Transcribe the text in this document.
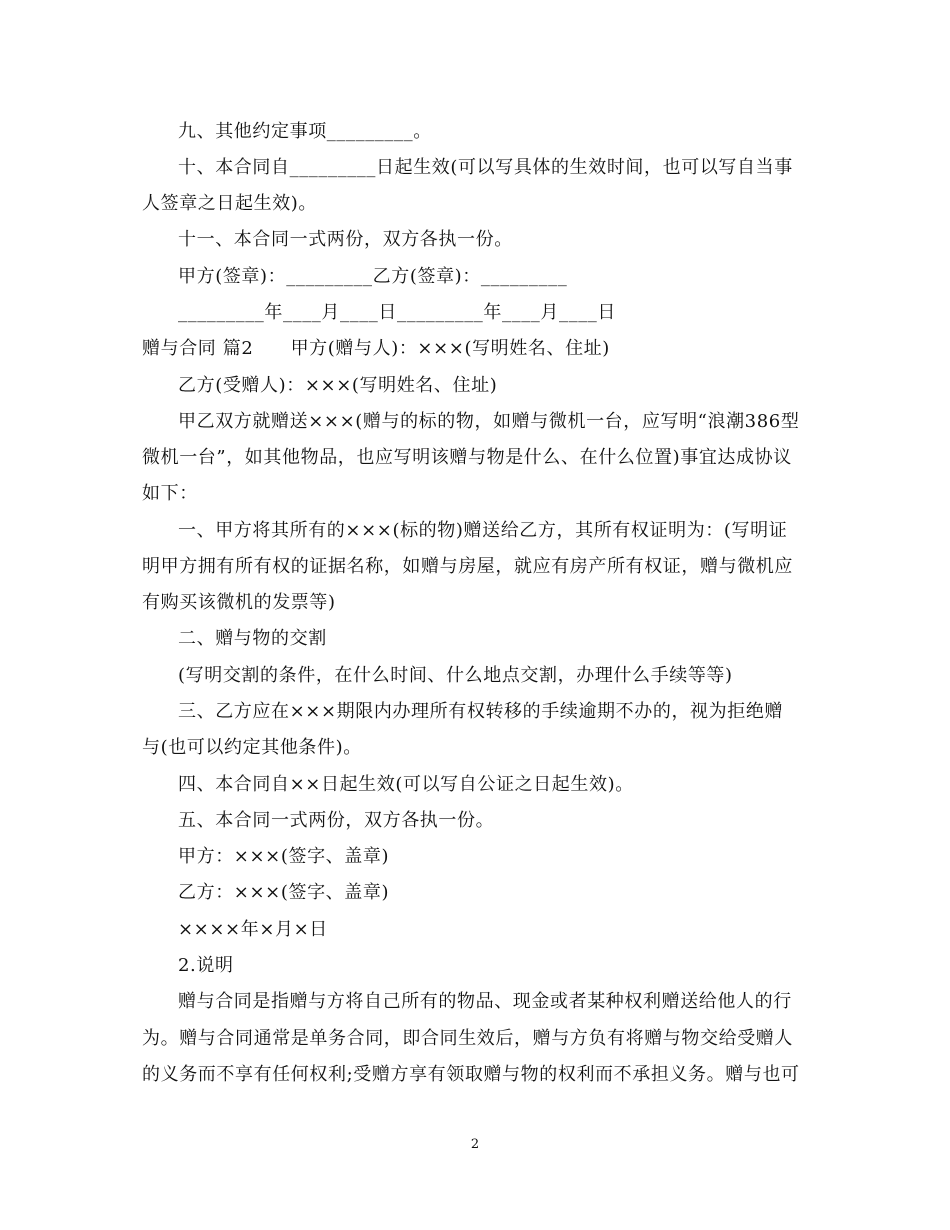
九、其他约定事项_________。
十、本合同自_________日起生效(可以写具体的生效时间，也可以写自当事
人签章之日起生效)。
十一、本合同一式两份，双方各执一份。
甲方(签章)：_________乙方(签章)：_________
_________年____月____日_________年____月____日
赠与合同 篇2　　甲方(赠与人)：×××(写明姓名、住址)
乙方(受赠人)：×××(写明姓名、住址)
甲乙双方就赠送×××(赠与的标的物，如赠与微机一台，应写明“浪潮386型
微机一台”，如其他物品，也应写明该赠与物是什么、在什么位置)事宜达成协议
如下：
一、甲方将其所有的×××(标的物)赠送给乙方，其所有权证明为：(写明证
明甲方拥有所有权的证据名称，如赠与房屋，就应有房产所有权证，赠与微机应
有购买该微机的发票等)
二、赠与物的交割
(写明交割的条件，在什么时间、什么地点交割，办理什么手续等等)
三、乙方应在×××期限内办理所有权转移的手续逾期不办的，视为拒绝赠
与(也可以约定其他条件)。
四、本合同自××日起生效(可以写自公证之日起生效)。
五、本合同一式两份，双方各执一份。
甲方：×××(签字、盖章)
乙方：×××(签字、盖章)
××××年×月×日
2.说明
赠与合同是指赠与方将自己所有的物品、现金或者某种权利赠送给他人的行
为。赠与合同通常是单务合同，即合同生效后，赠与方负有将赠与物交给受赠人
的义务而不享有任何权利;受赠方享有领取赠与物的权利而不承担义务。赠与也可
2
